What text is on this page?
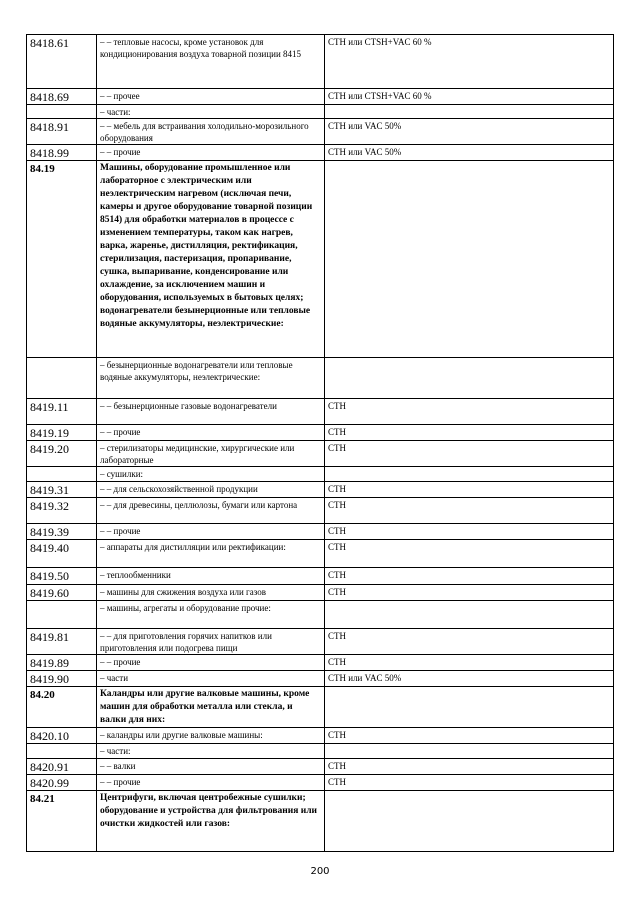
8418.61	– – тепловые насосы, кроме установок для кондиционирования воздуха товарной позиции 8415	СТН или CTSH+VAC 60 %
8418.69	– – прочее	СТН или CTSH+VAC 60 %
	– части:	
8418.91	– – мебель для встраивания холодильно-морозильного оборудования	СТН или VAC 50%
8418.99	– – прочие	СТН или VAC 50%
84.19	Машины, оборудование промышленное или лабораторное с электрическим или неэлектрическим нагревом (исключая печи, камеры и другое оборудование товарной позиции 8514) для обработки материалов в процессе с изменением температуры, таком как нагрев, варка, жаренье, дистилляция, ректификация, стерилизация, пастеризация, пропаривание, сушка, выпаривание, конденсирование или охлаждение, за исключением машин и оборудования, используемых в бытовых целях; водонагреватели безынерционные или тепловые водяные аккумуляторы, неэлектрические:	
	– безынерционные водонагреватели или тепловые водяные аккумуляторы, неэлектрические:	
8419.11	– – безынерционные газовые водонагреватели	СТН
8419.19	– – прочие	СТН
8419.20	– стерилизаторы медицинские, хирургические или лабораторные	СТН
	– сушилки:	
8419.31	– – для сельскохозяйственной продукции	СТН
8419.32	– – для древесины, целлюлозы, бумаги или картона	СТН
8419.39	– – прочие	СТН
8419.40	– аппараты для дистилляции или ректификации:	СТН
8419.50	– теплообменники	СТН
8419.60	– машины для сжижения воздуха или газов	СТН
	– машины, агрегаты и оборудование прочие:	
8419.81	– – для приготовления горячих напитков или приготовления или подогрева пищи	СТН
8419.89	– – прочие	СТН
8419.90	– части	СТН или VAC 50%
84.20	Каландры или другие валковые машины, кроме машин для обработки металла или стекла, и валки для них:	
8420.10	– каландры или другие валковые машины:	СТН
	– части:	
8420.91	– – валки	СТН
8420.99	– – прочие	СТН
84.21	Центрифуги, включая центробежные сушилки; оборудование и устройства для фильтрования или очистки жидкостей или газов:	
200
